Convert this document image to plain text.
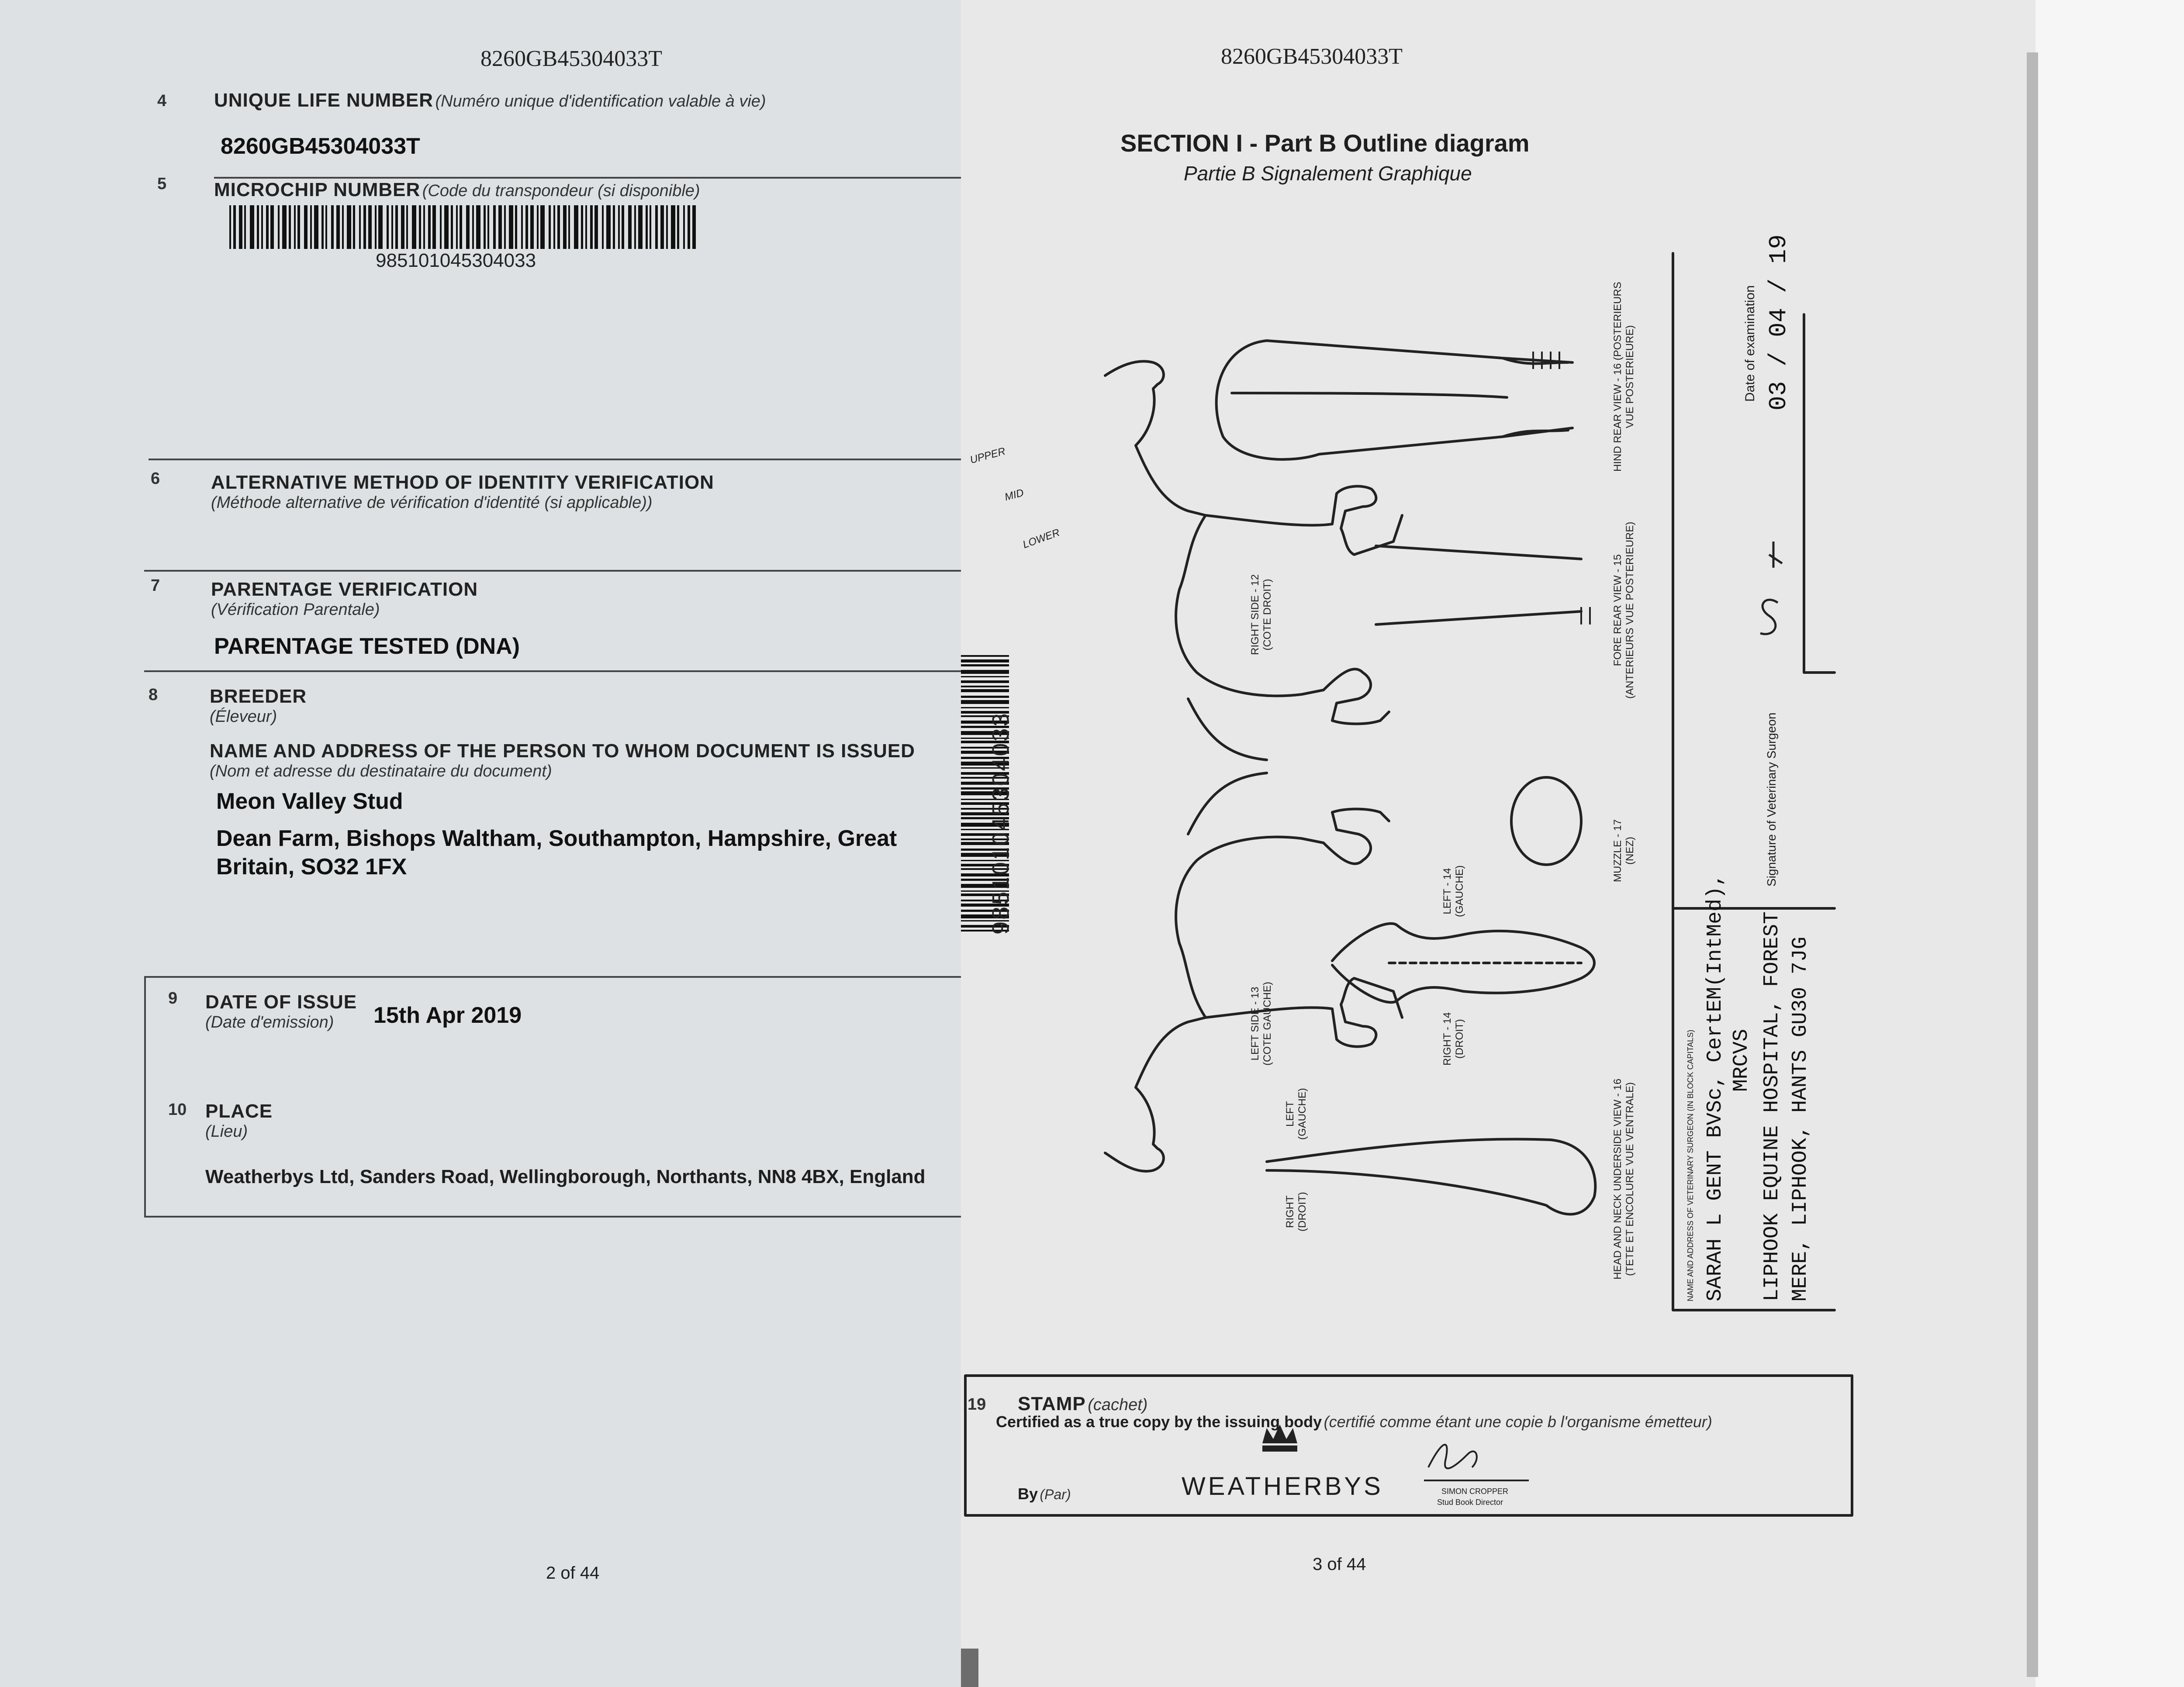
8260GB45304033T
4 UNIQUE LIFE NUMBER (Numéro unique d'identification valable à vie)
8260GB45304033T
5 MICROCHIP NUMBER (Code du transpondeur (si disponible)
985101045304033
6	ALTERNATIVE METHOD OF IDENTITY VERIFICATION
(Méthode alternative de vérification d'identité (si applicable))
7	PARENTAGE VERIFICATION
(Vérification Parentale)
PARENTAGE TESTED (DNA)
8	BREEDER
(Éleveur)
NAME AND ADDRESS OF THE PERSON TO WHOM DOCUMENT IS ISSUED
(Nom et adresse du destinataire du document)
Meon Valley Stud
Dean Farm, Bishops Waltham, Southampton, Hampshire, Great
Britain, SO32 1FX
9 DATE OF ISSUE
(Date d'emission) 15th Apr 2019
10 PLACE
(Lieu)
Weatherbys Ltd, Sanders Road, Wellingborough, Northants, NN8 4BX, England
2 of 44
8260GB45304033T
SECTION I - Part B Outline diagram
Partie B Signalement Graphique
985101045304033
RIGHT SIDE - 12 (COTE DROIT)
LEFT SIDE - 13 (COTE GAUCHE)
LEFT - 14 (GAUCHE)
RIGHT - 14 (DROIT)
FORE REAR VIEW - 15 (ANTERIEURS VUE POSTERIEURE)
HIND REAR VIEW - 16 (POSTERIEURS VUE POSTERIEURE)
MUZZLE - 17 (NEZ)
HEAD AND NECK UNDERSIDE VIEW - 16 (TETE ET ENCOLURE VUE VENTRALE)
LEFT (GAUCHE)
RIGHT (DROIT)
UPPER
MID
LOWER
Date of examination 03 / 04 / 19
Signature of Veterinary Surgeon
NAME AND ADDRESS OF VETERINARY SURGEON (IN BLOCK CAPITALS) SARAH L GENT BVSc, CertEM(IntMed), MRCVS LIPHOOK EQUINE HOSPITAL, FOREST MERE, LIPHOOK, HANTS GU30 7JG
19 STAMP (cachet)
Certified as a true copy by the issuing body (certifié comme étant une copie b l'organisme émetteur)
By (Par)	WEATHERBYS	SIMON CROPPER
Stud Book Director
3 of 44
